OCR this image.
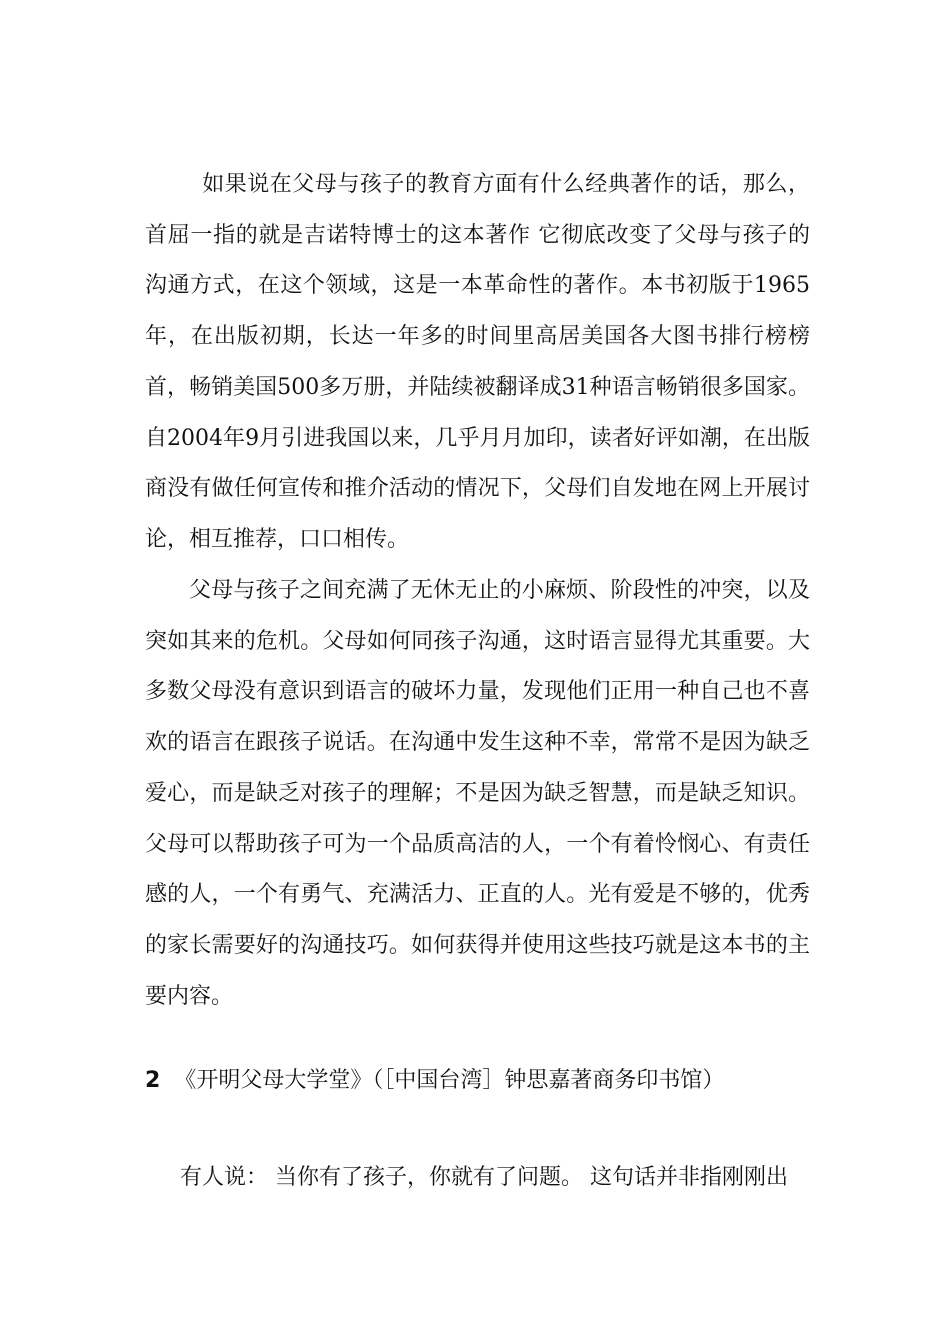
如果说在父母与孩子的教育方面有什么经典著作的话，那么，首屈一指的就是吉诺特博士的这本著作 它彻底改变了父母与孩子的沟通方式，在这个领域，这是一本革命性的著作。本书初版于1965 年，在出版初期，长达一年多的时间里高居美国各大图书排行榜榜首，畅销美国500多万册，并陆续被翻译成31种语言畅销很多国家。自2004年9月引进我国以来，几乎月月加印，读者好评如潮，在出版商没有做任何宣传和推介活动的情况下，父母们自发地在网上开展讨论，相互推荐，口口相传。

父母与孩子之间充满了无休无止的小麻烦、阶段性的冲突，以及突如其来的危机。父母如何同孩子沟通，这时语言显得尤其重要。大多数父母没有意识到语言的破坏力量，发现他们正用一种自己也不喜欢的语言在跟孩子说话。在沟通中发生这种不幸，常常不是因为缺乏爱心，而是缺乏对孩子的理解；不是因为缺乏智慧，而是缺乏知识。父母可以帮助孩子可为一个品质高洁的人，一个有着怜悯心、有责任感的人，一个有勇气、充满活力、正直的人。光有爱是不够的，优秀的家长需要好的沟通技巧。如何获得并使用这些技巧就是这本书的主要内容。

2 《开明父母大学堂》（［中国台湾］钟思嘉著商务印书馆）

有人说： 当你有了孩子，你就有了问题。 这句话并非指刚刚出
